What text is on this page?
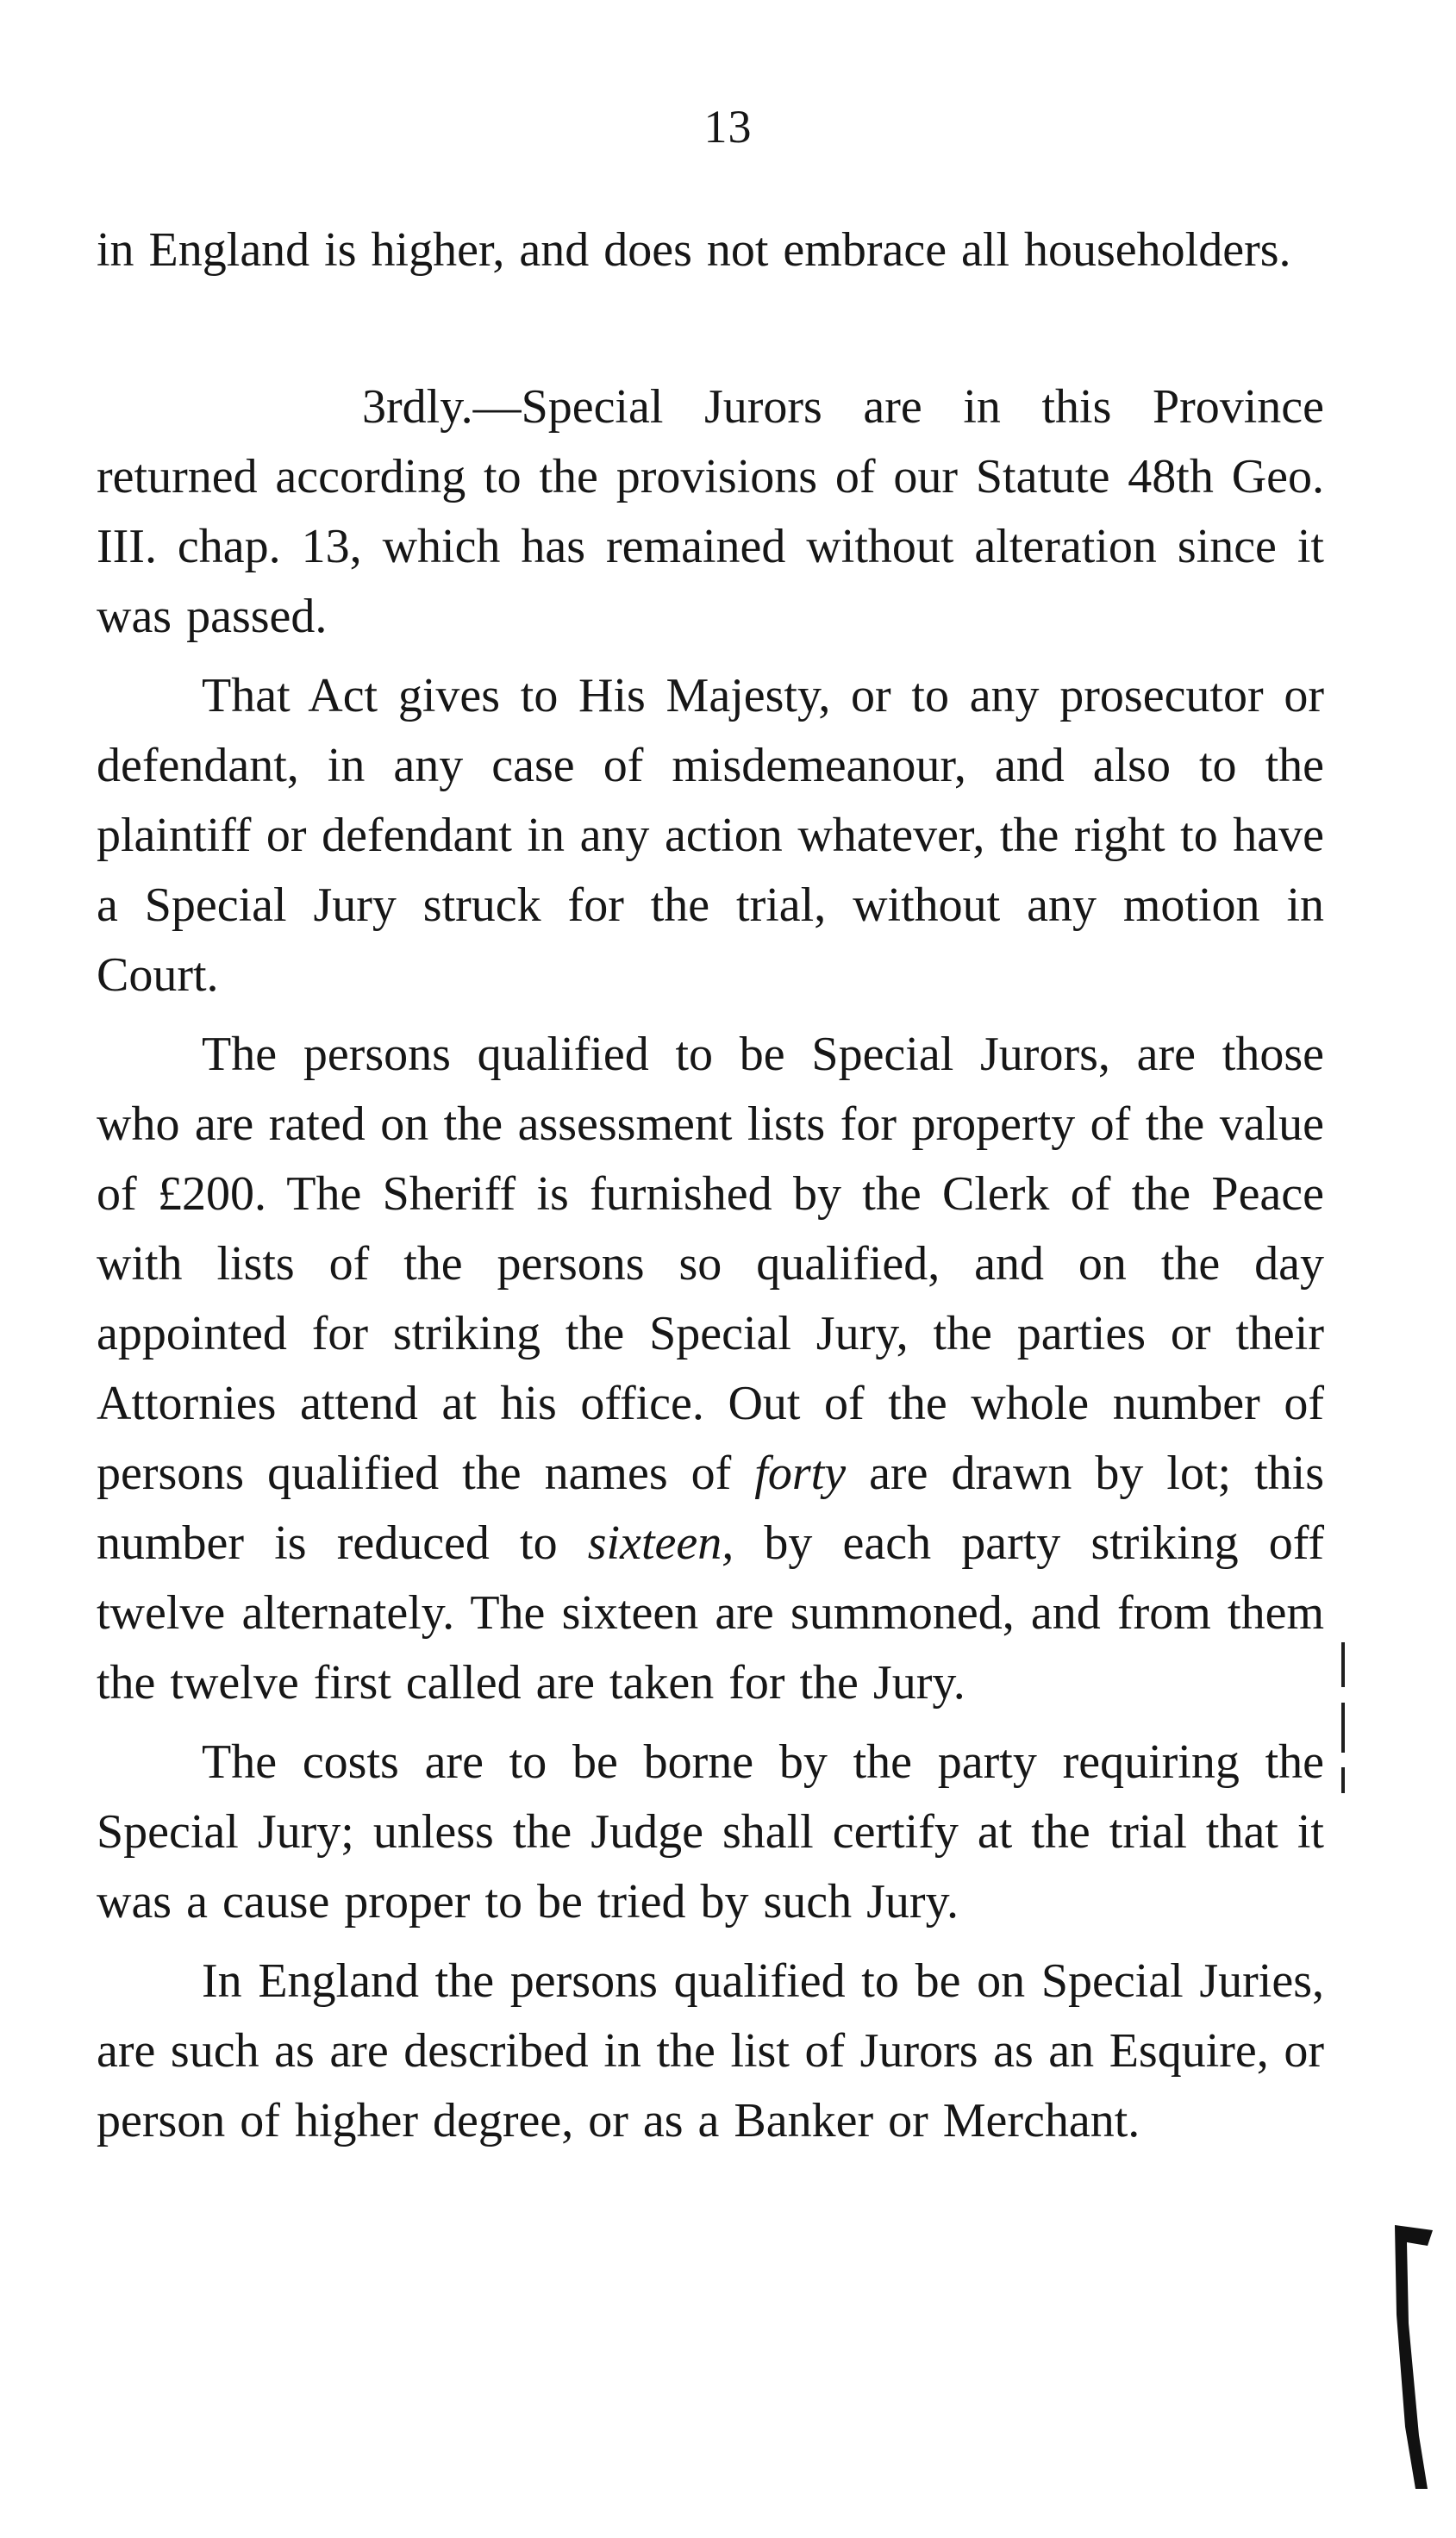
13

in England is higher, and does not embrace all householders.

3rdly.—Special Jurors are in this Province returned according to the provisions of our Statute 48th Geo. III. chap. 13, which has remained without alteration since it was passed.

That Act gives to His Majesty, or to any prosecutor or defendant, in any case of misdemeanour, and also to the plaintiff or defendant in any action whatever, the right to have a Special Jury struck for the trial, without any motion in Court.

The persons qualified to be Special Jurors, are those who are rated on the assessment lists for property of the value of £200. The Sheriff is furnished by the Clerk of the Peace with lists of the persons so qualified, and on the day appointed for striking the Special Jury, the parties or their Attornies attend at his office. Out of the whole number of persons qualified the names of forty are drawn by lot; this number is reduced to sixteen, by each party striking off twelve alternately. The sixteen are summoned, and from them the twelve first called are taken for the Jury.

The costs are to be borne by the party requiring the Special Jury; unless the Judge shall certify at the trial that it was a cause proper to be tried by such Jury.

In England the persons qualified to be on Special Juries, are such as are described in the list of Jurors as an Esquire, or person of higher degree, or as a Banker or Merchant.
